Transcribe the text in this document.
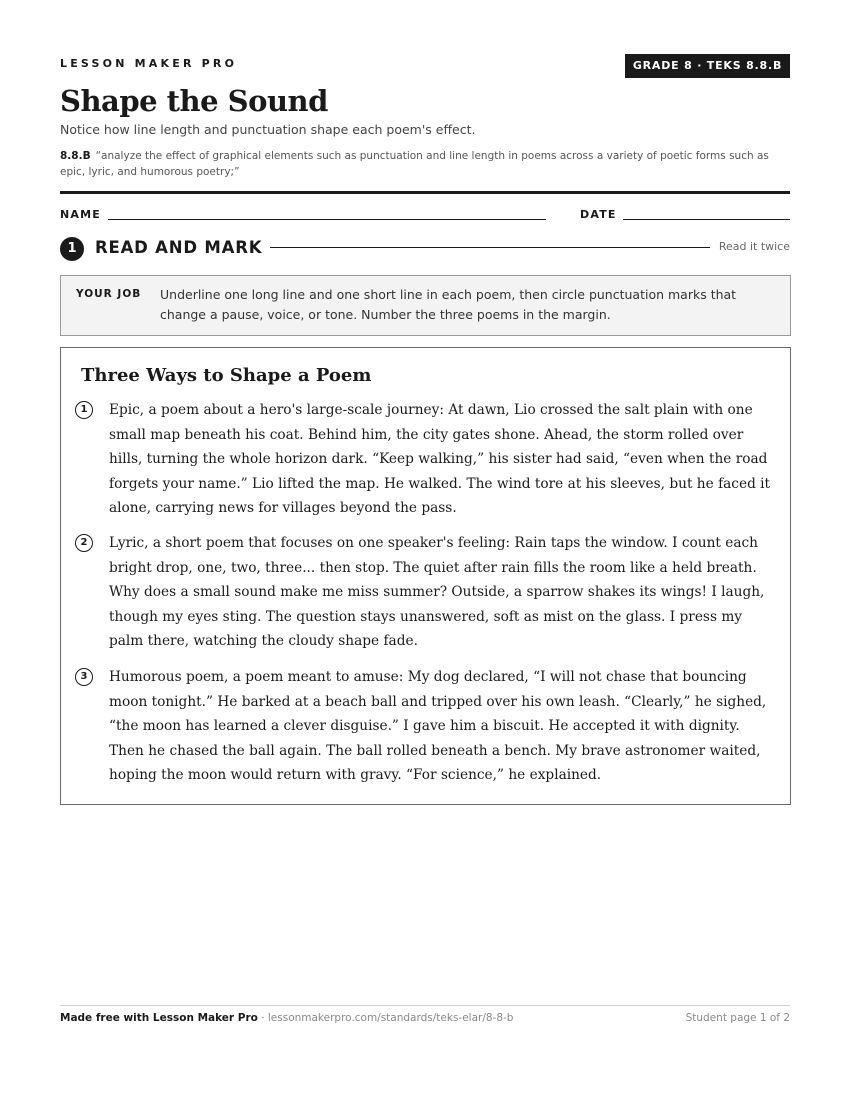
LESSON MAKER PRO	GRADE 8 · TEKS 8.8.B
Shape the Sound
Notice how line length and punctuation shape each poem's effect.
8.8.B “analyze the effect of graphical elements such as punctuation and line length in poems across a variety of poetic forms such as epic, lyric, and humorous poetry;”
NAME	DATE
1	READ AND MARK	Read it twice
YOUR JOB Underline one long line and one short line in each poem, then circle punctuation marks that change a pause, voice, or tone. Number the three poems in the margin.
Three Ways to Shape a Poem
1	Epic, a poem about a hero's large-scale journey: At dawn, Lio crossed the salt plain with one small map beneath his coat. Behind him, the city gates shone. Ahead, the storm rolled over hills, turning the whole horizon dark. “Keep walking,” his sister had said, “even when the road forgets your name.” Lio lifted the map. He walked. The wind tore at his sleeves, but he faced it alone, carrying news for villages beyond the pass.
2	Lyric, a short poem that focuses on one speaker's feeling: Rain taps the window. I count each bright drop, one, two, three... then stop. The quiet after rain fills the room like a held breath. Why does a small sound make me miss summer? Outside, a sparrow shakes its wings! I laugh, though my eyes sting. The question stays unanswered, soft as mist on the glass. I press my palm there, watching the cloudy shape fade.
3	Humorous poem, a poem meant to amuse: My dog declared, “I will not chase that bouncing moon tonight.” He barked at a beach ball and tripped over his own leash. “Clearly,” he sighed, “the moon has learned a clever disguise.” I gave him a biscuit. He accepted it with dignity. Then he chased the ball again. The ball rolled beneath a bench. My brave astronomer waited, hoping the moon would return with gravy. “For science,” he explained.
Made free with Lesson Maker Pro · lessonmakerpro.com/standards/teks-elar/8-8-b	Student page 1 of 2
